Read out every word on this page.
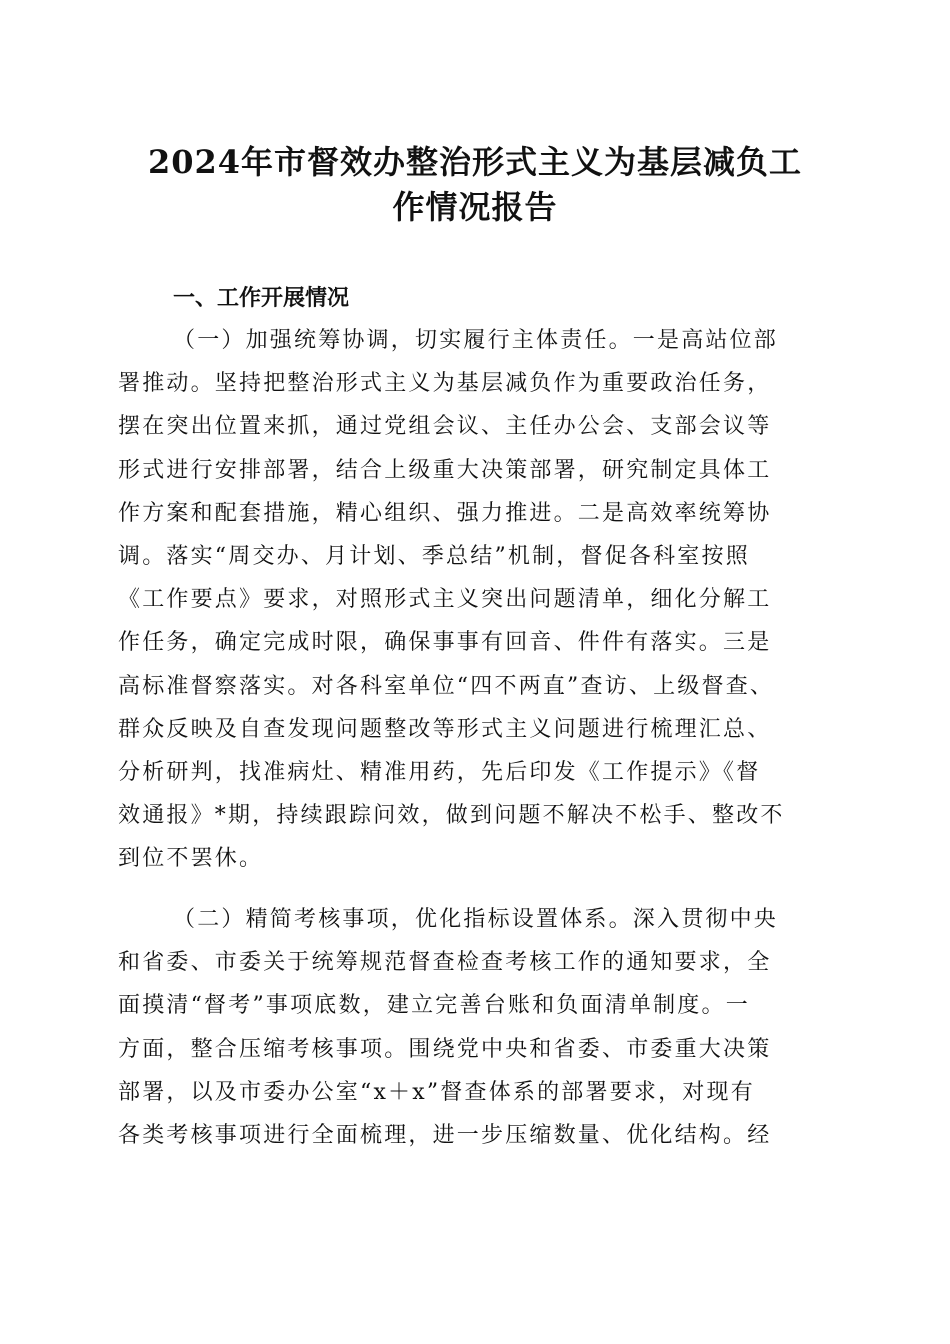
2024年市督效办整治形式主义为基层减负工
作情况报告
一、工作开展情况
（一）加强统筹协调，切实履行主体责任。一是高站位部
署推动。坚持把整治形式主义为基层减负作为重要政治任务，
摆在突出位置来抓，通过党组会议、主任办公会、支部会议等
形式进行安排部署，结合上级重大决策部署，研究制定具体工
作方案和配套措施，精心组织、强力推进。二是高效率统筹协
调。落实“周交办、月计划、季总结”机制，督促各科室按照
《工作要点》要求，对照形式主义突出问题清单，细化分解工
作任务，确定完成时限，确保事事有回音、件件有落实。三是
高标准督察落实。对各科室单位“四不两直”查访、上级督查、
群众反映及自查发现问题整改等形式主义问题进行梳理汇总、
分析研判，找准病灶、精准用药，先后印发《工作提示》《督
效通报》*期，持续跟踪问效，做到问题不解决不松手、整改不
到位不罢休。
（二）精简考核事项，优化指标设置体系。深入贯彻中央
和省委、市委关于统筹规范督查检查考核工作的通知要求，全
面摸清“督考”事项底数，建立完善台账和负面清单制度。一
方面，整合压缩考核事项。围绕党中央和省委、市委重大决策
部署，以及市委办公室“x＋x”督查体系的部署要求，对现有
各类考核事项进行全面梳理，进一步压缩数量、优化结构。经
